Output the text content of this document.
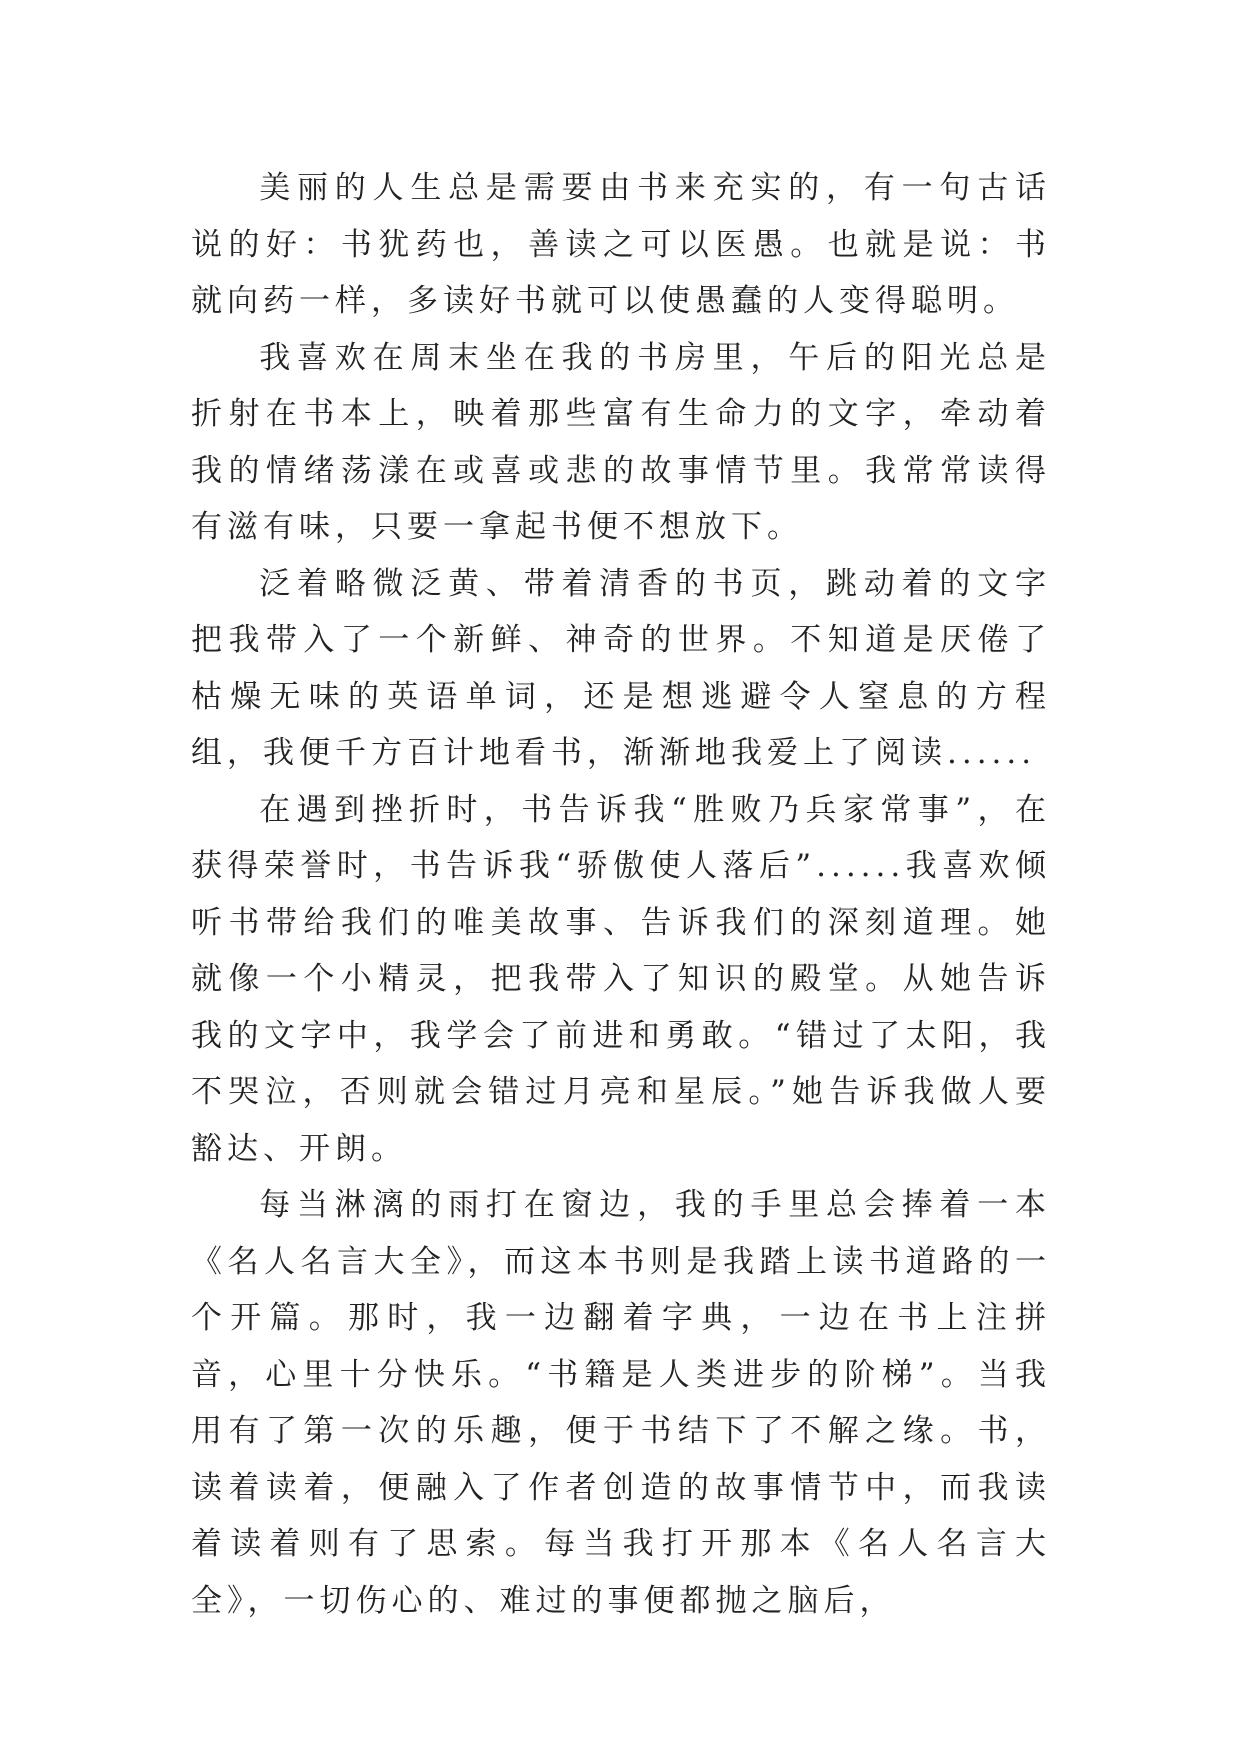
美丽的人生总是需要由书来充实的，有一句古话说的好：书犹药也，善读之可以医愚。也就是说：书就向药一样，多读好书就可以使愚蠢的人变得聪明。

我喜欢在周末坐在我的书房里，午后的阳光总是折射在书本上，映着那些富有生命力的文字，牵动着我的情绪荡漾在或喜或悲的故事情节里。我常常读得有滋有味，只要一拿起书便不想放下。

泛着略微泛黄、带着清香的书页，跳动着的文字把我带入了一个新鲜、神奇的世界。不知道是厌倦了枯燥无味的英语单词，还是想逃避令人窒息的方程组，我便千方百计地看书，渐渐地我爱上了阅读......

在遇到挫折时，书告诉我“胜败乃兵家常事”，在获得荣誉时，书告诉我“骄傲使人落后”......我喜欢倾听书带给我们的唯美故事、告诉我们的深刻道理。她就像一个小精灵，把我带入了知识的殿堂。从她告诉我的文字中，我学会了前进和勇敢。“错过了太阳，我不哭泣，否则就会错过月亮和星辰。”她告诉我做人要豁达、开朗。

每当淋漓的雨打在窗边，我的手里总会捧着一本《名人名言大全》，而这本书则是我踏上读书道路的一个开篇。那时，我一边翻着字典，一边在书上注拼音，心里十分快乐。“书籍是人类进步的阶梯”。当我用有了第一次的乐趣，便于书结下了不解之缘。书，读着读着，便融入了作者创造的故事情节中，而我读着读着则有了思索。每当我打开那本《名人名言大全》，一切伤心的、难过的事便都抛之脑后，
